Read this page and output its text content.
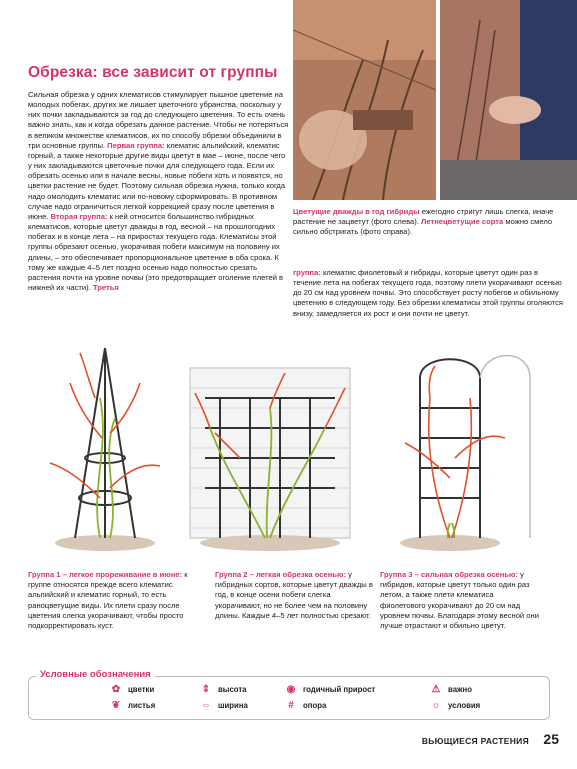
Обрезка: все зависит от группы

Сильная обрезка у одних клематисов стимулирует пышное цветение на молодых побегах, других же лишает цветочного убранства, поскольку у них почки закладываются за год до следующего цветения. То есть очень важно знать, как и когда обрезать данное растение. Чтобы не потеряться в великом множестве клематисов, их по способу обрезки объединили в три основные группы. Первая группа: клематис альпийский, клематис горный, а также некоторые другие виды цветут в мае – июне, после чего у них закладываются цветочные почки для следующего года. Если их обрезать осенью или в начале весны, новые побеги хоть и появятся, но цветки растение не будет. Поэтому сильная обрезка нужна, только когда надо омолодить клематис или по-новому сформировать. В противном случае надо ограничиться легкой коррекцией сразу после цветения в июне. Вторая группа: к ней относится большинство гибридных клематисов, которые цветут дважды в год, весной – на прошлогодних побегах и в конце лета – на приростах текущего года. Клематисы этой группы обрезают осенью, укорачивая побеги максимум на половину их длины, – это обеспечивает пропорциональное цветение в оба срока. К тому же каждые 4–5 лет поздно осенью надо полностью срезать растения почти на уровне почвы (это предотвращает оголение плетей в нижней их части). Третья

Цветущие дважды в год гибриды ежегодно стригут лишь слегка, иначе растение не зацветут (фото слева). Летнецветущие сорта можно смело сильно обстригать (фото справа).
группа: клематис фиолетовый и гибриды, которые цветут один раз в течение лета на побегах текущего года, поэтому плети укорачивают осенью до 20 см над уровнем почвы. Это способствует росту побегов и обильному цветению в следующем году. Без обрезки клематисы этой группы оголяются внизу, замедляется их рост и они почти не цветут.
Группа 1 – легкое прореживание в июне: к группе относятся прежде всего клематис альпийский и клематис горный, то есть раноцветущие виды. Их плети сразу после цветения слегка укорачивают, чтобы просто подкорректировать куст.
Группа 2 – легкая обрезка осенью: у гибридных сортов, которые цветут дважды в год, в конце осени побеги слегка укорачивают, но не более чем на половину длины. Каждые 4–5 лет полностью срезают.
Группа 3 – сильная обрезка осенью: у гибридов, которые цветут только один раз летом, а также плети клематиса фиолетового укорачивают до 20 см над уровнем почвы. Благодаря этому весной они лучше отрастают и обильно цветут.
Условные обозначения
✿ цветки
❦ листья
⇕ высота
⇔ ширина
◉ годичный прирост
#	опора
⚠ важно
☼ условия
ВЬЮЩИЕСЯ РАСТЕНИЯ 25
